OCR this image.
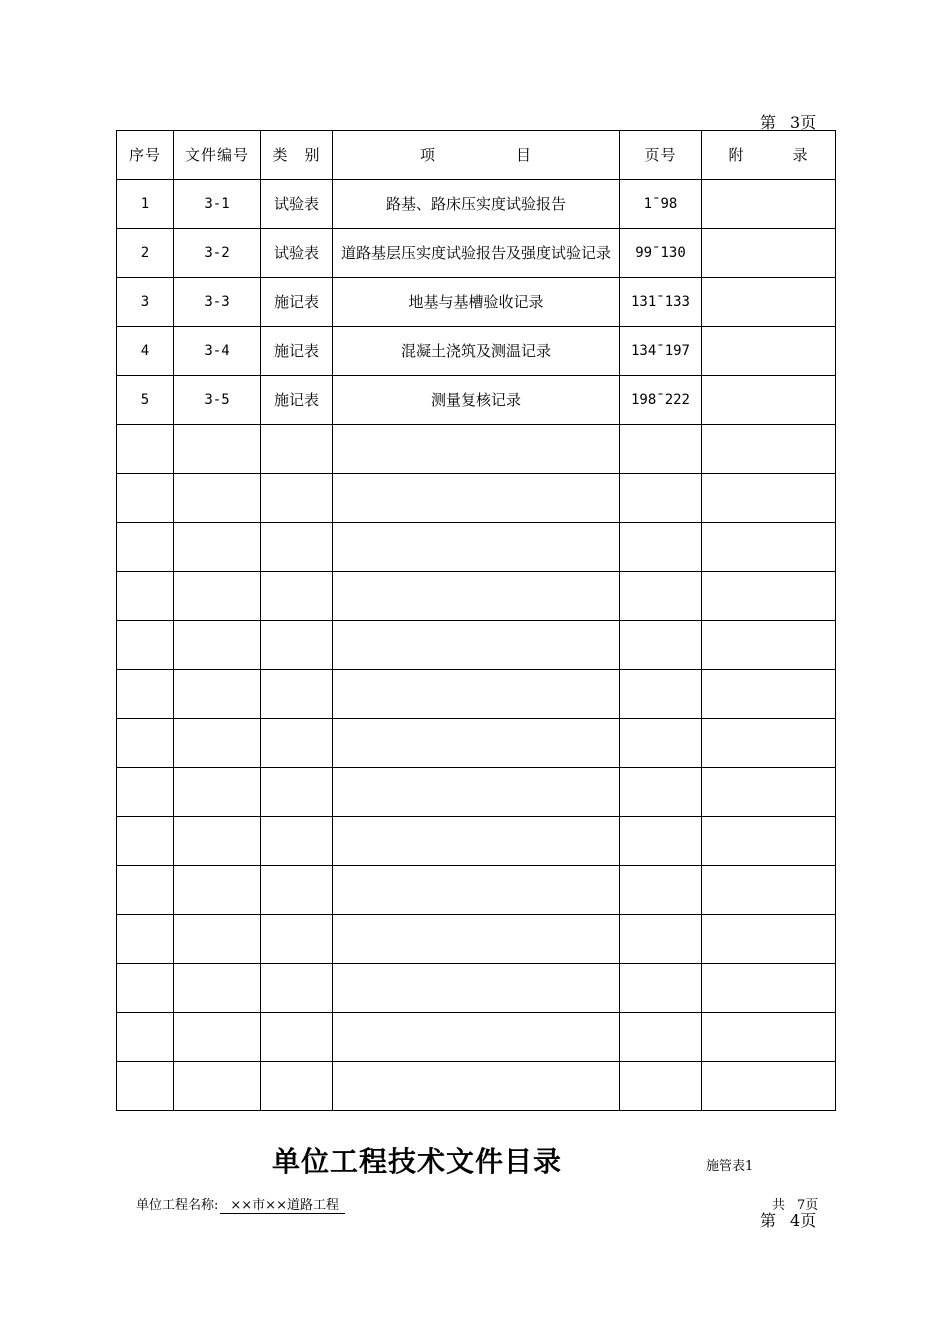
第 3页
序号	文件编号	类　别	项　　　　　目	页号	附　　　录
1	3-1	试验表	路基、路床压实度试验报告	1¯98	
2	3-2	试验表	道路基层压实度试验报告及强度试验记录	99¯130	
3	3-3	施记表	地基与基槽验收记录	131¯133	
4	3-4	施记表	混凝土浇筑及测温记录	134¯197	
5	3-5	施记表	测量复核记录	198¯222	

单位工程技术文件目录	施管表1
单位工程名称: ××市××道路工程	共 7页
第 4页
